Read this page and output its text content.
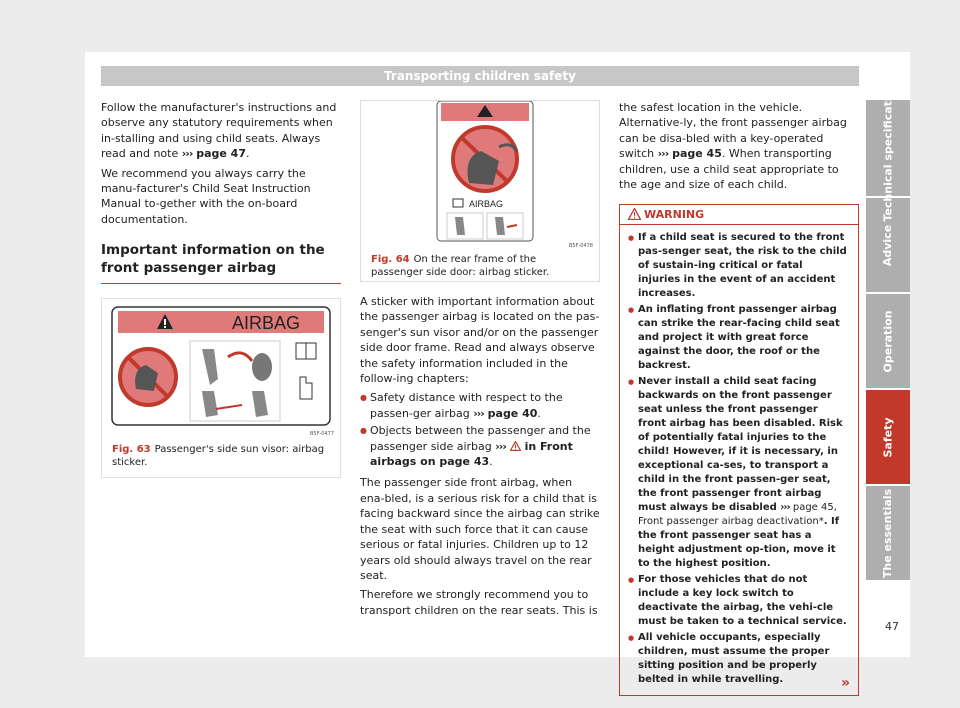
Transporting children safety

Follow the manufacturer's instructions and observe any statutory requirements when in-stalling and using child seats. Always read and note ››› page 47.

We recommend you always carry the manu-facturer's Child Seat Instruction Manual to-gether with the on-board documentation.

Important information on the front passenger airbag
AIRBAG
B5F-0477
Fig. 63 Passenger's side sun visor: airbag sticker.
AIRBAG
B5F-0478
Fig. 64 On the rear frame of the passenger side door: airbag sticker.

A sticker with important information about the passenger airbag is located on the pas-senger's sun visor and/or on the passenger side door frame. Read and always observe the safety information included in the follow-ing chapters:

● Safety distance with respect to the passen-ger airbag ››› page 40.
● Objects between the passenger and the passenger side airbag ››› in Front airbags on page 43.

The passenger side front airbag, when ena-bled, is a serious risk for a child that is facing backward since the airbag can strike the seat with such force that it can cause serious or fatal injuries. Children up to 12 years old should always travel on the rear seat.

Therefore we strongly recommend you to transport children on the rear seats. This is

the safest location in the vehicle. Alternative-ly, the front passenger airbag can be disa-bled with a key-operated switch ››› page 45. When transporting children, use a child seat appropriate to the age and size of each child.

WARNING
● If a child seat is secured to the front pas-senger seat, the risk to the child of sustain-ing critical or fatal injuries in the event of an accident increases.
● An inflating front passenger airbag can strike the rear-facing child seat and project it with great force against the door, the roof or the backrest.
● Never install a child seat facing backwards on the front passenger seat unless the front passenger front airbag has been disabled. Risk of potentially fatal injuries to the child! However, if it is necessary, in exceptional ca-ses, to transport a child in the front passen-ger seat, the front passenger front airbag must always be disabled ››› page 45, Front passenger airbag deactivation*. If the front passenger seat has a height adjustment op-tion, move it to the highest position.
● For those vehicles that do not include a key lock switch to deactivate the airbag, the vehi-cle must be taken to a technical service.
● All vehicle occupants, especially children, must assume the proper sitting position and be properly belted in while travelling.	»
Technical specifications
Advice
Operation
Safety
The essentials
47
